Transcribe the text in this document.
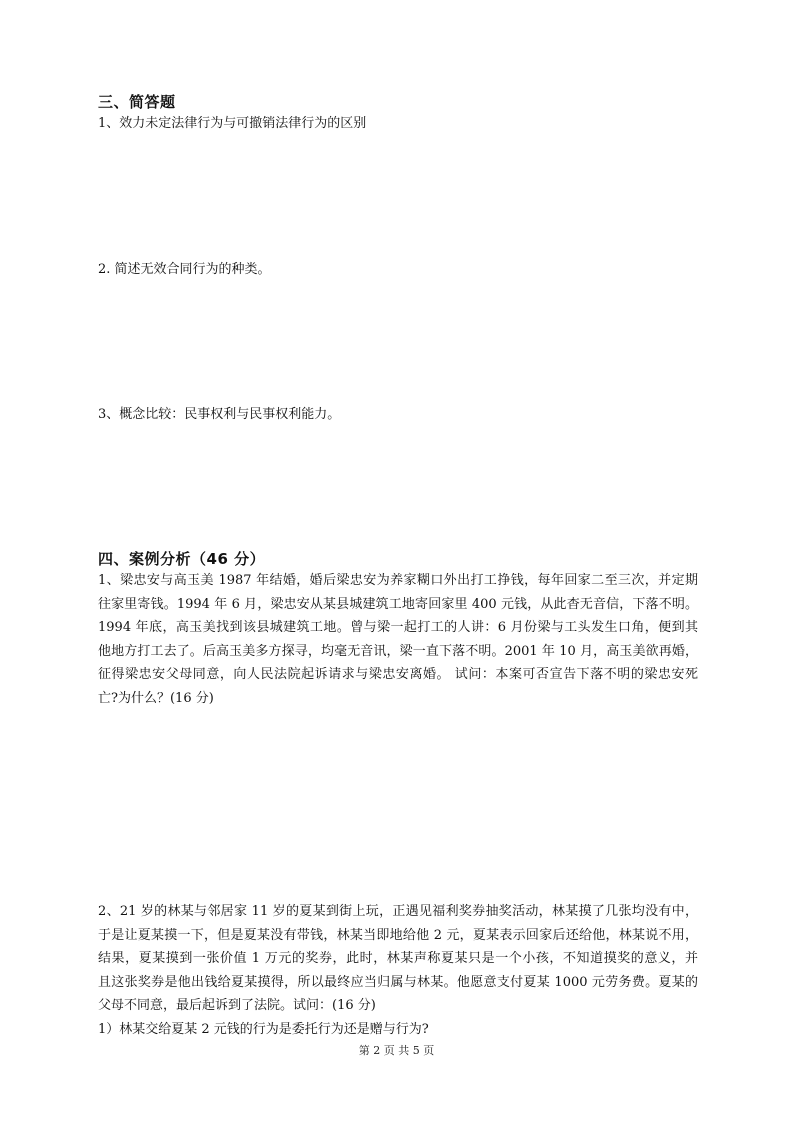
三、简答题
1、效力未定法律行为与可撤销法律行为的区别
2. 简述无效合同行为的种类。
3、概念比较：民事权利与民事权利能力。
四、案例分析（46 分）
1、梁忠安与高玉美 1987 年结婚，婚后梁忠安为养家糊口外出打工挣钱，每年回家二至三次，并定期
往家里寄钱。1994 年 6 月，梁忠安从某县城建筑工地寄回家里 400 元钱，从此杳无音信，下落不明。
1994 年底，高玉美找到该县城建筑工地。曾与梁一起打工的人讲：6 月份梁与工头发生口角，便到其
他地方打工去了。后高玉美多方探寻，均毫无音讯，梁一直下落不明。2001 年 10 月，高玉美欲再婚，
征得梁忠安父母同意，向人民法院起诉请求与梁忠安离婚。 试问：本案可否宣告下落不明的梁忠安死
亡?为什么？(16 分)
2、21 岁的林某与邻居家 11 岁的夏某到街上玩，正遇见福利奖券抽奖活动，林某摸了几张均没有中，
于是让夏某摸一下，但是夏某没有带钱，林某当即地给他 2 元，夏某表示回家后还给他，林某说不用，
结果，夏某摸到一张价值 1 万元的奖券，此时，林某声称夏某只是一个小孩，不知道摸奖的意义，并
且这张奖券是他出钱给夏某摸得，所以最终应当归属与林某。他愿意支付夏某 1000 元劳务费。夏某的
父母不同意，最后起诉到了法院。试问：(16 分)
1）林某交给夏某 2 元钱的行为是委托行为还是赠与行为?
第 2 页 共 5 页
